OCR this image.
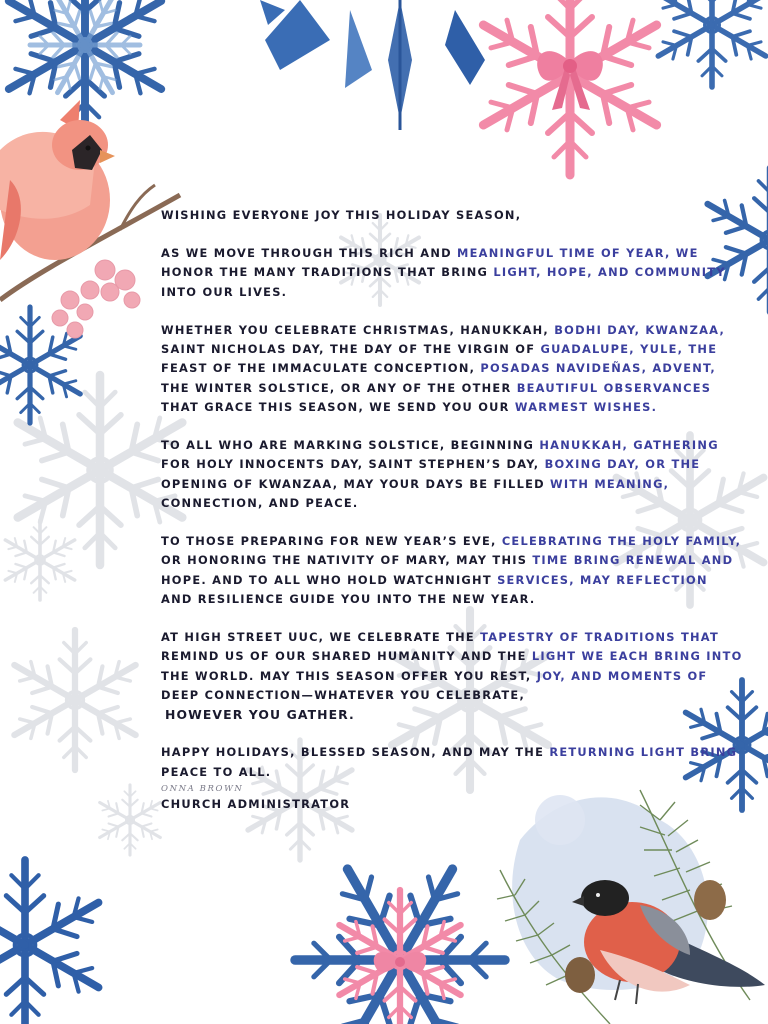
WISHING EVERYONE JOY THIS HOLIDAY SEASON,

AS WE MOVE THROUGH THIS RICH AND MEANINGFUL TIME OF YEAR, WE
HONOR THE MANY TRADITIONS THAT BRING LIGHT, HOPE, AND COMMUNITY
INTO OUR LIVES.

WHETHER YOU CELEBRATE CHRISTMAS, HANUKKAH, BODHI DAY, KWANZAA,
SAINT NICHOLAS DAY, THE DAY OF THE VIRGIN OF GUADALUPE, YULE, THE
FEAST OF THE IMMACULATE CONCEPTION, POSADAS NAVIDEÑAS, ADVENT,
THE WINTER SOLSTICE, OR ANY OF THE OTHER BEAUTIFUL OBSERVANCES
THAT GRACE THIS SEASON, WE SEND YOU OUR WARMEST WISHES.

TO ALL WHO ARE MARKING SOLSTICE, BEGINNING HANUKKAH, GATHERING
FOR HOLY INNOCENTS DAY, SAINT STEPHEN’S DAY, BOXING DAY, OR THE
OPENING OF KWANZAA, MAY YOUR DAYS BE FILLED WITH MEANING,
CONNECTION, AND PEACE.

TO THOSE PREPARING FOR NEW YEAR’S EVE, CELEBRATING THE HOLY FAMILY,
OR HONORING THE NATIVITY OF MARY, MAY THIS TIME BRING RENEWAL AND
HOPE. AND TO ALL WHO HOLD WATCHNIGHT SERVICES, MAY REFLECTION
AND RESILIENCE GUIDE YOU INTO THE NEW YEAR.

AT HIGH STREET UUC, WE CELEBRATE THE TAPESTRY OF TRADITIONS THAT
REMIND US OF OUR SHARED HUMANITY AND THE LIGHT WE EACH BRING INTO
THE WORLD. MAY THIS SEASON OFFER YOU REST, JOY, AND MOMENTS OF
DEEP CONNECTION—WHATEVER YOU CELEBRATE,
HOWEVER YOU GATHER.

HAPPY HOLIDAYS, BLESSED SEASON, AND MAY THE RETURNING LIGHT BRING
PEACE TO ALL.
ONNA BROWN
CHURCH ADMINISTRATOR
